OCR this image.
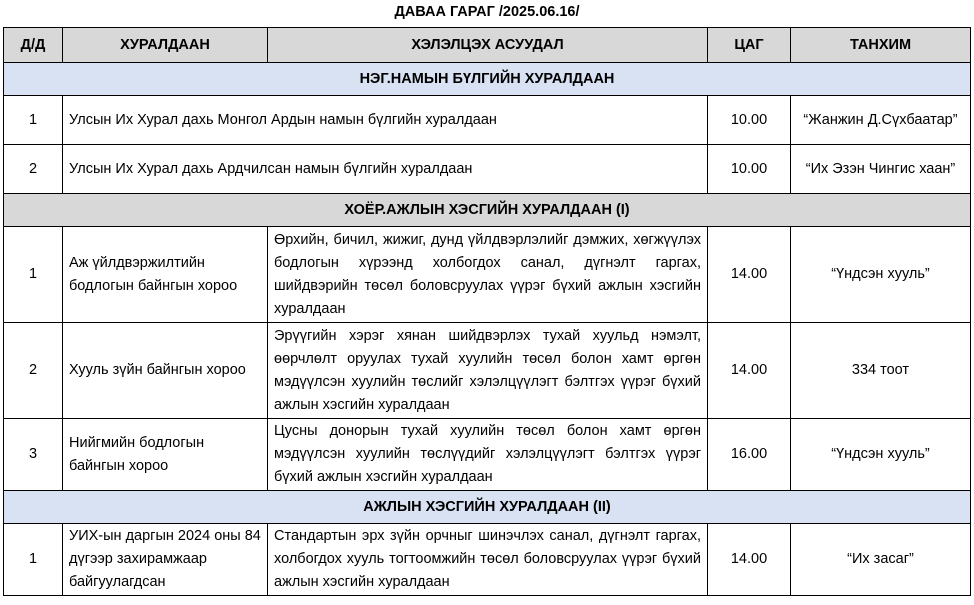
ДАВАА ГАРАГ /2025.06.16/
Д/Д	ХУРАЛДААН	ХЭЛЭЛЦЭХ АСУУДАЛ	ЦАГ	ТАНХИМ
НЭГ.НАМЫН БҮЛГИЙН ХУРАЛДААН				
1	Улсын Их Хурал дахь Монгол Ардын намын бүлгийн хуралдаан		10.00	“Жанжин Д.Сүхбаатар”
2	Улсын Их Хурал дахь Ардчилсан намын бүлгийн хуралдаан		10.00	“Их Эзэн Чингис хаан”
ХОЁР.АЖЛЫН ХЭСГИЙН ХУРАЛДААН (I)				
1	Аж үйлдвэржилтийн бодлогын байнгын хороо	Өрхийн, бичил, жижиг, дунд үйлдвэрлэлийг дэмжих, хөгжүүлэх бодлогын хүрээнд холбогдох санал, дүгнэлт гаргах, шийдвэрийн төсөл боловсруулах үүрэг бүхий ажлын хэсгийн хуралдаан	14.00	“Үндсэн хууль”
2	Хууль зүйн байнгын хороо	Эрүүгийн хэрэг хянан шийдвэрлэх тухай хуульд нэмэлт, өөрчлөлт оруулах тухай хуулийн төсөл болон хамт өргөн мэдүүлсэн хуулийн төслийг хэлэлцүүлэгт бэлтгэх үүрэг бүхий ажлын хэсгийн хуралдаан	14.00	334 тоот
3	Нийгмийн бодлогын байнгын хороо	Цусны донорын тухай хуулийн төсөл болон хамт өргөн мэдүүлсэн хуулийн төслүүдийг хэлэлцүүлэгт бэлтгэх үүрэг бүхий ажлын хэсгийн хуралдаан	16.00	“Үндсэн хууль”
АЖЛЫН ХЭСГИЙН ХУРАЛДААН (II)				
1	УИХ-ын даргын 2024 оны 84 дүгээр захирамжаар байгуулагдсан	Стандартын эрх зүйн орчныг шинэчлэх санал, дүгнэлт гаргах, холбогдох хууль тогтоомжийн төсөл боловсруулах үүрэг бүхий ажлын хэсгийн хуралдаан	14.00	“Их засаг”
